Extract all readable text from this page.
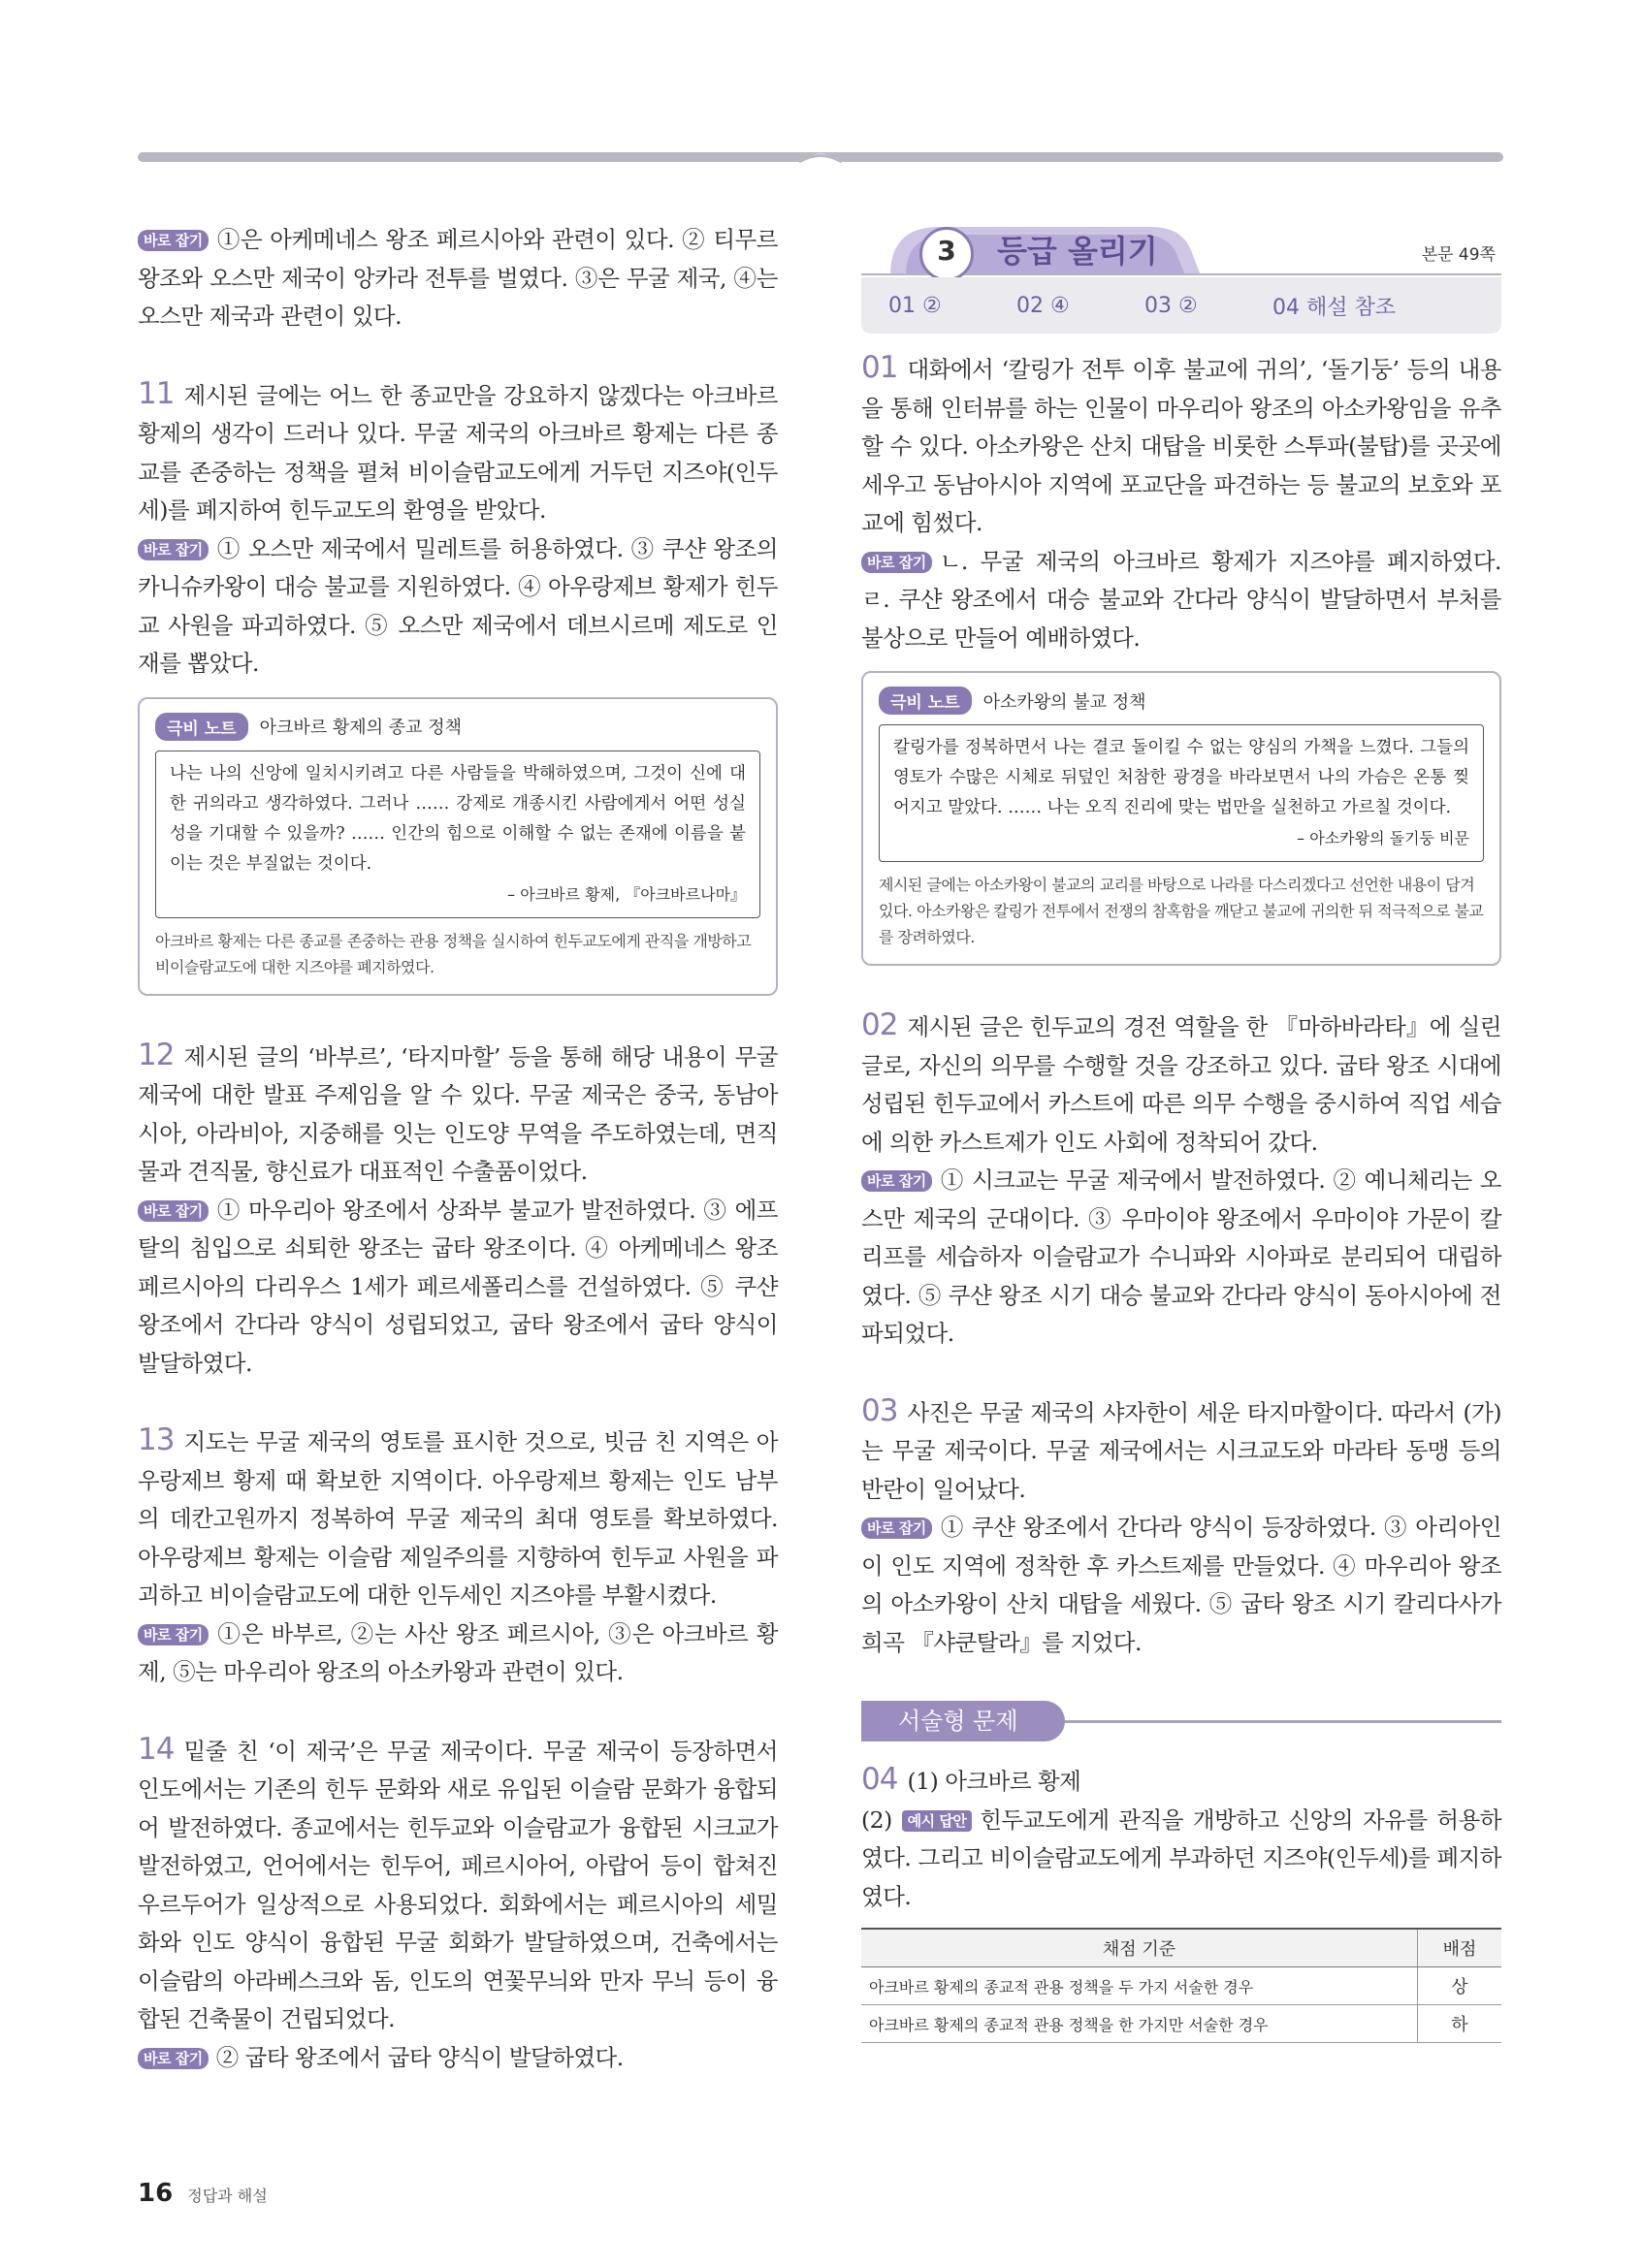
바로 잡기 ①은 아케메네스 왕조 페르시아와 관련이 있다. ② 티무르 왕조와 오스만 제국이 앙카라 전투를 벌였다. ③은 무굴 제국, ④는 오스만 제국과 관련이 있다.

11 제시된 글에는 어느 한 종교만을 강요하지 않겠다는 아크바르 황제의 생각이 드러나 있다. 무굴 제국의 아크바르 황제는 다른 종교를 존중하는 정책을 펼쳐 비이슬람교도에게 거두던 지즈야(인두세)를 폐지하여 힌두교도의 환영을 받았다.

바로 잡기 ① 오스만 제국에서 밀레트를 허용하였다. ③ 쿠샨 왕조의 카니슈카왕이 대승 불교를 지원하였다. ④ 아우랑제브 황제가 힌두교 사원을 파괴하였다. ⑤ 오스만 제국에서 데브시르메 제도로 인재를 뽑았다.

극비 노트	아크바르 황제의 종교 정책
나는 나의 신앙에 일치시키려고 다른 사람들을 박해하였으며, 그것이 신에 대한 귀의라고 생각하였다. 그러나 …… 강제로 개종시킨 사람에게서 어떤 성실성을 기대할 수 있을까? …… 인간의 힘으로 이해할 수 없는 존재에 이름을 붙이는 것은 부질없는 것이다.
– 아크바르 황제, 『아크바르나마』
아크바르 황제는 다른 종교를 존중하는 관용 정책을 실시하여 힌두교도에게 관직을 개방하고 비이슬람교도에 대한 지즈야를 폐지하였다.

12 제시된 글의 ‘바부르’, ‘타지마할’ 등을 통해 해당 내용이 무굴 제국에 대한 발표 주제임을 알 수 있다. 무굴 제국은 중국, 동남아시아, 아라비아, 지중해를 잇는 인도양 무역을 주도하였는데, 면직물과 견직물, 향신료가 대표적인 수출품이었다.

바로 잡기 ① 마우리아 왕조에서 상좌부 불교가 발전하였다. ③ 에프탈의 침입으로 쇠퇴한 왕조는 굽타 왕조이다. ④ 아케메네스 왕조 페르시아의 다리우스 1세가 페르세폴리스를 건설하였다. ⑤ 쿠샨 왕조에서 간다라 양식이 성립되었고, 굽타 왕조에서 굽타 양식이 발달하였다.

13 지도는 무굴 제국의 영토를 표시한 것으로, 빗금 친 지역은 아우랑제브 황제 때 확보한 지역이다. 아우랑제브 황제는 인도 남부의 데칸고원까지 정복하여 무굴 제국의 최대 영토를 확보하였다. 아우랑제브 황제는 이슬람 제일주의를 지향하여 힌두교 사원을 파괴하고 비이슬람교도에 대한 인두세인 지즈야를 부활시켰다.

바로 잡기 ①은 바부르, ②는 사산 왕조 페르시아, ③은 아크바르 황제, ⑤는 마우리아 왕조의 아소카왕과 관련이 있다.

14 밑줄 친 ‘이 제국’은 무굴 제국이다. 무굴 제국이 등장하면서 인도에서는 기존의 힌두 문화와 새로 유입된 이슬람 문화가 융합되어 발전하였다. 종교에서는 힌두교와 이슬람교가 융합된 시크교가 발전하였고, 언어에서는 힌두어, 페르시아어, 아랍어 등이 합쳐진 우르두어가 일상적으로 사용되었다. 회화에서는 페르시아의 세밀화와 인도 양식이 융합된 무굴 회화가 발달하였으며, 건축에서는 이슬람의 아라베스크와 돔, 인도의 연꽃무늬와 만자 무늬 등이 융합된 건축물이 건립되었다.

바로 잡기 ② 굽타 왕조에서 굽타 양식이 발달하였다.

3	등급 올리기	본문 49쪽
01 ②	02 ④	03 ②	04 해설 참조

01 대화에서 ‘칼링가 전투 이후 불교에 귀의’, ‘돌기둥’ 등의 내용을 통해 인터뷰를 하는 인물이 마우리아 왕조의 아소카왕임을 유추할 수 있다. 아소카왕은 산치 대탑을 비롯한 스투파(불탑)를 곳곳에 세우고 동남아시아 지역에 포교단을 파견하는 등 불교의 보호와 포교에 힘썼다.

바로 잡기 ㄴ. 무굴 제국의 아크바르 황제가 지즈야를 폐지하였다. ㄹ. 쿠샨 왕조에서 대승 불교와 간다라 양식이 발달하면서 부처를 불상으로 만들어 예배하였다.

극비 노트	아소카왕의 불교 정책
칼링가를 정복하면서 나는 결코 돌이킬 수 없는 양심의 가책을 느꼈다. 그들의 영토가 수많은 시체로 뒤덮인 처참한 광경을 바라보면서 나의 가슴은 온통 찢어지고 말았다. …… 나는 오직 진리에 맞는 법만을 실천하고 가르칠 것이다.
– 아소카왕의 돌기둥 비문
제시된 글에는 아소카왕이 불교의 교리를 바탕으로 나라를 다스리겠다고 선언한 내용이 담겨 있다. 아소카왕은 칼링가 전투에서 전쟁의 참혹함을 깨닫고 불교에 귀의한 뒤 적극적으로 불교를 장려하였다.

02 제시된 글은 힌두교의 경전 역할을 한 『마하바라타』에 실린 글로, 자신의 의무를 수행할 것을 강조하고 있다. 굽타 왕조 시대에 성립된 힌두교에서 카스트에 따른 의무 수행을 중시하여 직업 세습에 의한 카스트제가 인도 사회에 정착되어 갔다.

바로 잡기 ① 시크교는 무굴 제국에서 발전하였다. ② 예니체리는 오스만 제국의 군대이다. ③ 우마이야 왕조에서 우마이야 가문이 칼리프를 세습하자 이슬람교가 수니파와 시아파로 분리되어 대립하였다. ⑤ 쿠샨 왕조 시기 대승 불교와 간다라 양식이 동아시아에 전파되었다.

03 사진은 무굴 제국의 샤자한이 세운 타지마할이다. 따라서 (가)는 무굴 제국이다. 무굴 제국에서는 시크교도와 마라타 동맹 등의 반란이 일어났다.

바로 잡기 ① 쿠샨 왕조에서 간다라 양식이 등장하였다. ③ 아리아인이 인도 지역에 정착한 후 카스트제를 만들었다. ④ 마우리아 왕조의 아소카왕이 산치 대탑을 세웠다. ⑤ 굽타 왕조 시기 칼리다사가 희곡 『샤쿤탈라』를 지었다.

서술형 문제

04 (1) 아크바르 황제

(2) 예시 답안 힌두교도에게 관직을 개방하고 신앙의 자유를 허용하였다. 그리고 비이슬람교도에게 부과하던 지즈야(인두세)를 폐지하였다.

채점 기준	배점
아크바르 황제의 종교적 관용 정책을 두 가지 서술한 경우	상
아크바르 황제의 종교적 관용 정책을 한 가지만 서술한 경우	하
16 정답과 해설
